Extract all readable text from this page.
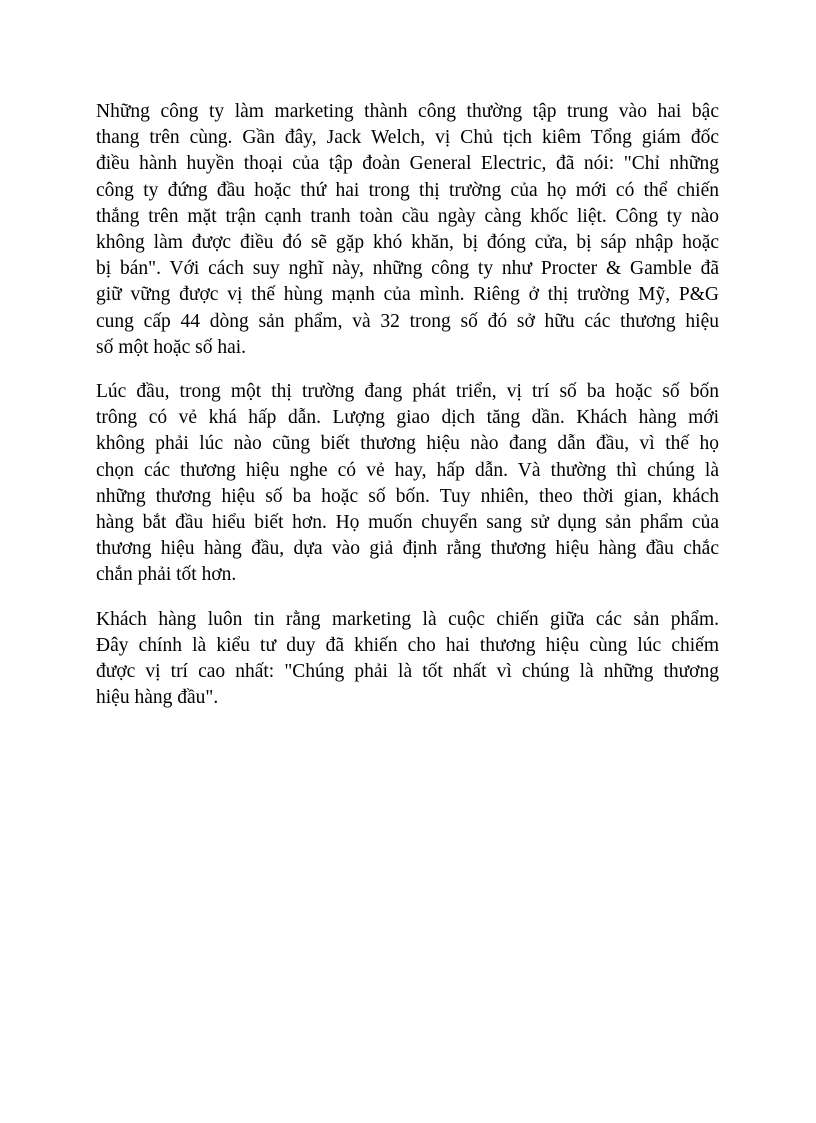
Những công ty làm marketing thành công thường tập trung vào hai bậc
thang trên cùng. Gần đây, Jack Welch, vị Chủ tịch kiêm Tổng giám đốc
điều hành huyền thoại của tập đoàn General Electric, đã nói: "Chỉ những
công ty đứng đầu hoặc thứ hai trong thị trường của họ mới có thể chiến
thắng trên mặt trận cạnh tranh toàn cầu ngày càng khốc liệt. Công ty nào
không làm được điều đó sẽ gặp khó khăn, bị đóng cửa, bị sáp nhập hoặc
bị bán". Với cách suy nghĩ này, những công ty như Procter & Gamble đã
giữ vững được vị thế hùng mạnh của mình. Riêng ở thị trường Mỹ, P&G
cung cấp 44 dòng sản phẩm, và 32 trong số đó sở hữu các thương hiệu
số một hoặc số hai.
Lúc đầu, trong một thị trường đang phát triển, vị trí số ba hoặc số bốn
trông có vẻ khá hấp dẫn. Lượng giao dịch tăng dần. Khách hàng mới
không phải lúc nào cũng biết thương hiệu nào đang dẫn đầu, vì thế họ
chọn các thương hiệu nghe có vẻ hay, hấp dẫn. Và thường thì chúng là
những thương hiệu số ba hoặc số bốn. Tuy nhiên, theo thời gian, khách
hàng bắt đầu hiểu biết hơn. Họ muốn chuyển sang sử dụng sản phẩm của
thương hiệu hàng đầu, dựa vào giả định rằng thương hiệu hàng đầu chắc
chắn phải tốt hơn.
Khách hàng luôn tin rằng marketing là cuộc chiến giữa các sản phẩm.
Đây chính là kiểu tư duy đã khiến cho hai thương hiệu cùng lúc chiếm
được vị trí cao nhất: "Chúng phải là tốt nhất vì chúng là những thương
hiệu hàng đầu".
